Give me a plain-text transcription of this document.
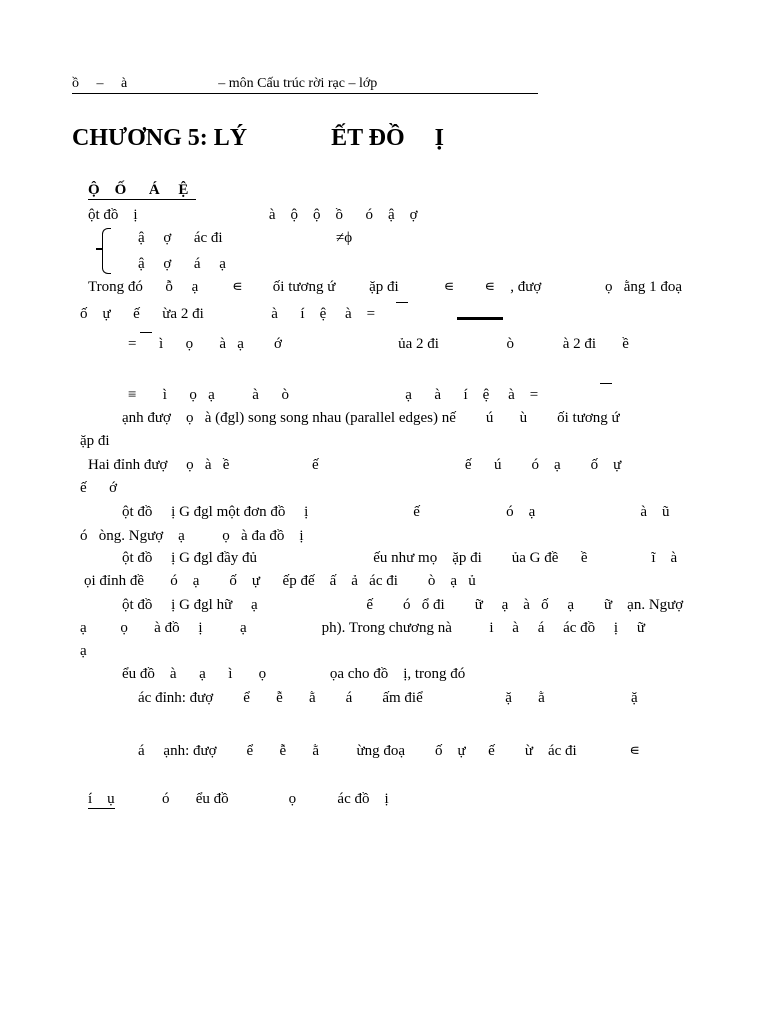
ồ     –     à                          – môn Cấu trúc rời rạc – lớp
CHƯƠNG 5: LÝ              ẾT ĐỒ     Ị
Ộ    Ố      Á     Ệ
ột đồ    ị                                   à    ộ    ộ    ồ      ó    ậ    ợ
ậ     ợ      ác đi	≠ϕ
ậ     ợ      á     ạ
Trong đó      ỗ     ạ         ∊        ối tương ứ         ặp đi            ∊        ∊    , đượ                 ọ   ằng 1 đoạ
ố    ự      ế      ừa 2 đi                  à      í    ệ     à    =
=      ì      ọ       à   ạ        ớ                               ủa 2 đi                  ò             à 2 đi       ề
≡       ì      ọ   ạ          à      ò                               ạ      à      í    ệ     à    =
ạnh đượ    ọ   à (đgl) song song nhau (parallel edges) nế        ú       ù        ối tương ứ
ặp đi
Hai đỉnh đượ     ọ   à   ề                      ế                                       ế      ú        ó    ạ        ố    ự
ế      ớ
ột đồ     ị G đgl một đơn đồ     ị                            ế                       ó    ạ                            à    ũ
ó   òng. Ngượ    ạ          ọ   à đa đồ    ị
ột đồ     ị G đgl đầy đủ                               ếu như mọ    ặp đi        ủa G đề      ề                 ĩ    à
ọi đỉnh đề       ó    ạ        ố    ự      ếp đế    ấ    ả   ác đi        ò    ạ   ủ
ột đồ     ị G đgl hữ     ạ                             ế        ó   ổ đi        ữ     ạ    à   ố     ạ        ữ    ạn. Ngượ
ạ         ọ       à đồ     ị          ạ                    ph). Trong chương nà          i     à     á     ác đồ     ị     ữ
ạ
ểu đồ    à      ạ      ì       ọ                 ọa cho đồ    ị, trong đó
ác đỉnh: đượ        ể       ễ       ằ        á        ấm điể                      ặ       ằ                       ặ
á     ạnh: đượ        ể       ễ       ằ          ừng đoạ        ố    ự      ế        ừ    ác đi              ∊
í    ụ	ó       ểu đồ                ọ           ác đồ    ị
